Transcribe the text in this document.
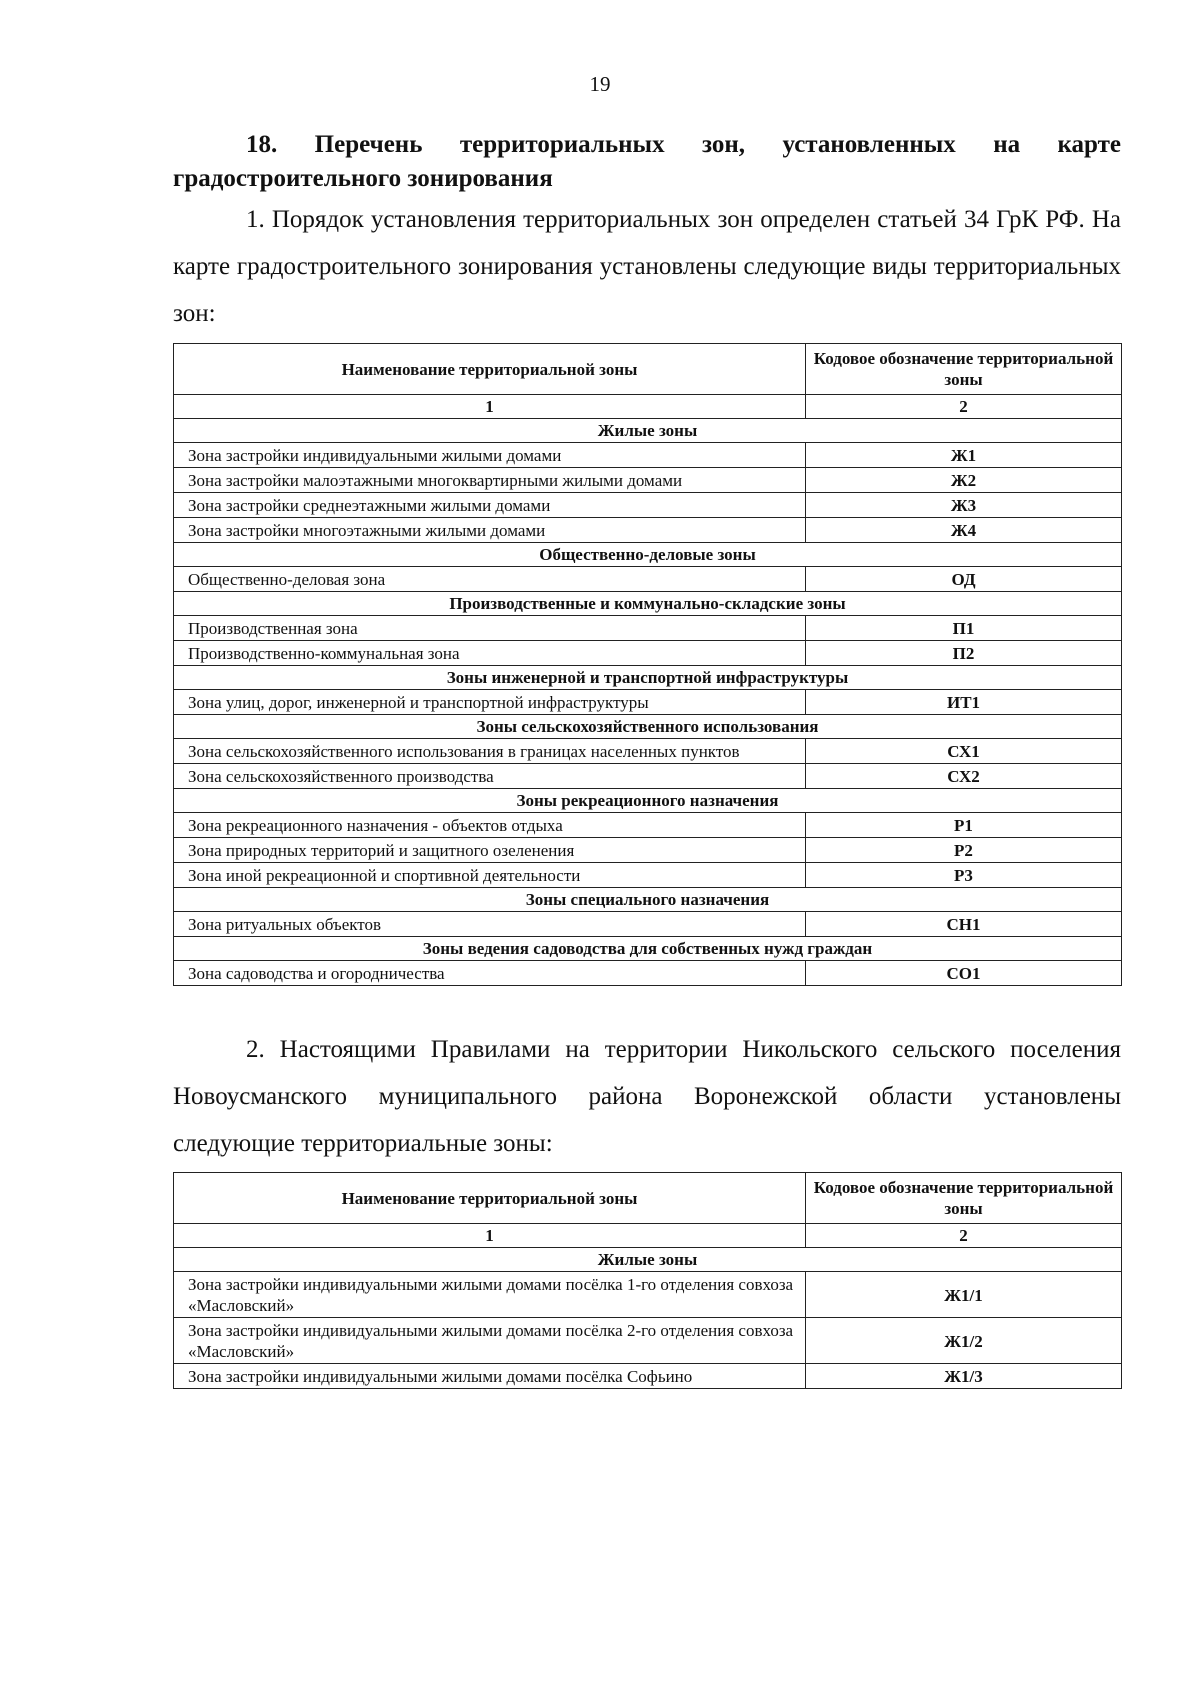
19

18. Перечень территориальных зон, установленных на карте градостроительного зонирования

1. Порядок установления территориальных зон определен статьей 34 ГрК РФ. На карте градостроительного зонирования установлены следующие виды территориальных зон:

Наименование территориальной зоны	Кодовое обозначение территориальной зоны
1	2
Жилые зоны	
Зона застройки индивидуальными жилыми домами	Ж1
Зона застройки малоэтажными многоквартирными жилыми домами	Ж2
Зона застройки среднеэтажными жилыми домами	Ж3
Зона застройки многоэтажными жилыми домами	Ж4
Общественно-деловые зоны	
Общественно-деловая зона	ОД
Производственные и коммунально-складские зоны	
Производственная зона	П1
Производственно-коммунальная зона	П2
Зоны инженерной и транспортной инфраструктуры	
Зона улиц, дорог, инженерной и транспортной инфраструктуры	ИТ1
Зоны сельскохозяйственного использования	
Зона сельскохозяйственного использования в границах населенных пунктов	СХ1
Зона сельскохозяйственного производства	СХ2
Зоны рекреационного назначения	
Зона рекреационного назначения - объектов отдыха	Р1
Зона природных территорий и защитного озеленения	Р2
Зона иной рекреационной и спортивной деятельности	Р3
Зоны специального назначения	
Зона ритуальных объектов	СН1
Зоны ведения садоводства для собственных нужд граждан	
Зона садоводства и огородничества	СО1

2. Настоящими Правилами на территории Никольского сельского поселения Новоусманского муниципального района Воронежской области установлены следующие территориальные зоны:

Наименование территориальной зоны	Кодовое обозначение территориальной зоны
1	2
Жилые зоны	
Зона застройки индивидуальными жилыми домами посёлка 1-го отделения совхоза «Масловский»	Ж1/1
Зона застройки индивидуальными жилыми домами посёлка 2-го отделения совхоза «Масловский»	Ж1/2
Зона застройки индивидуальными жилыми домами посёлка Софьино	Ж1/3
